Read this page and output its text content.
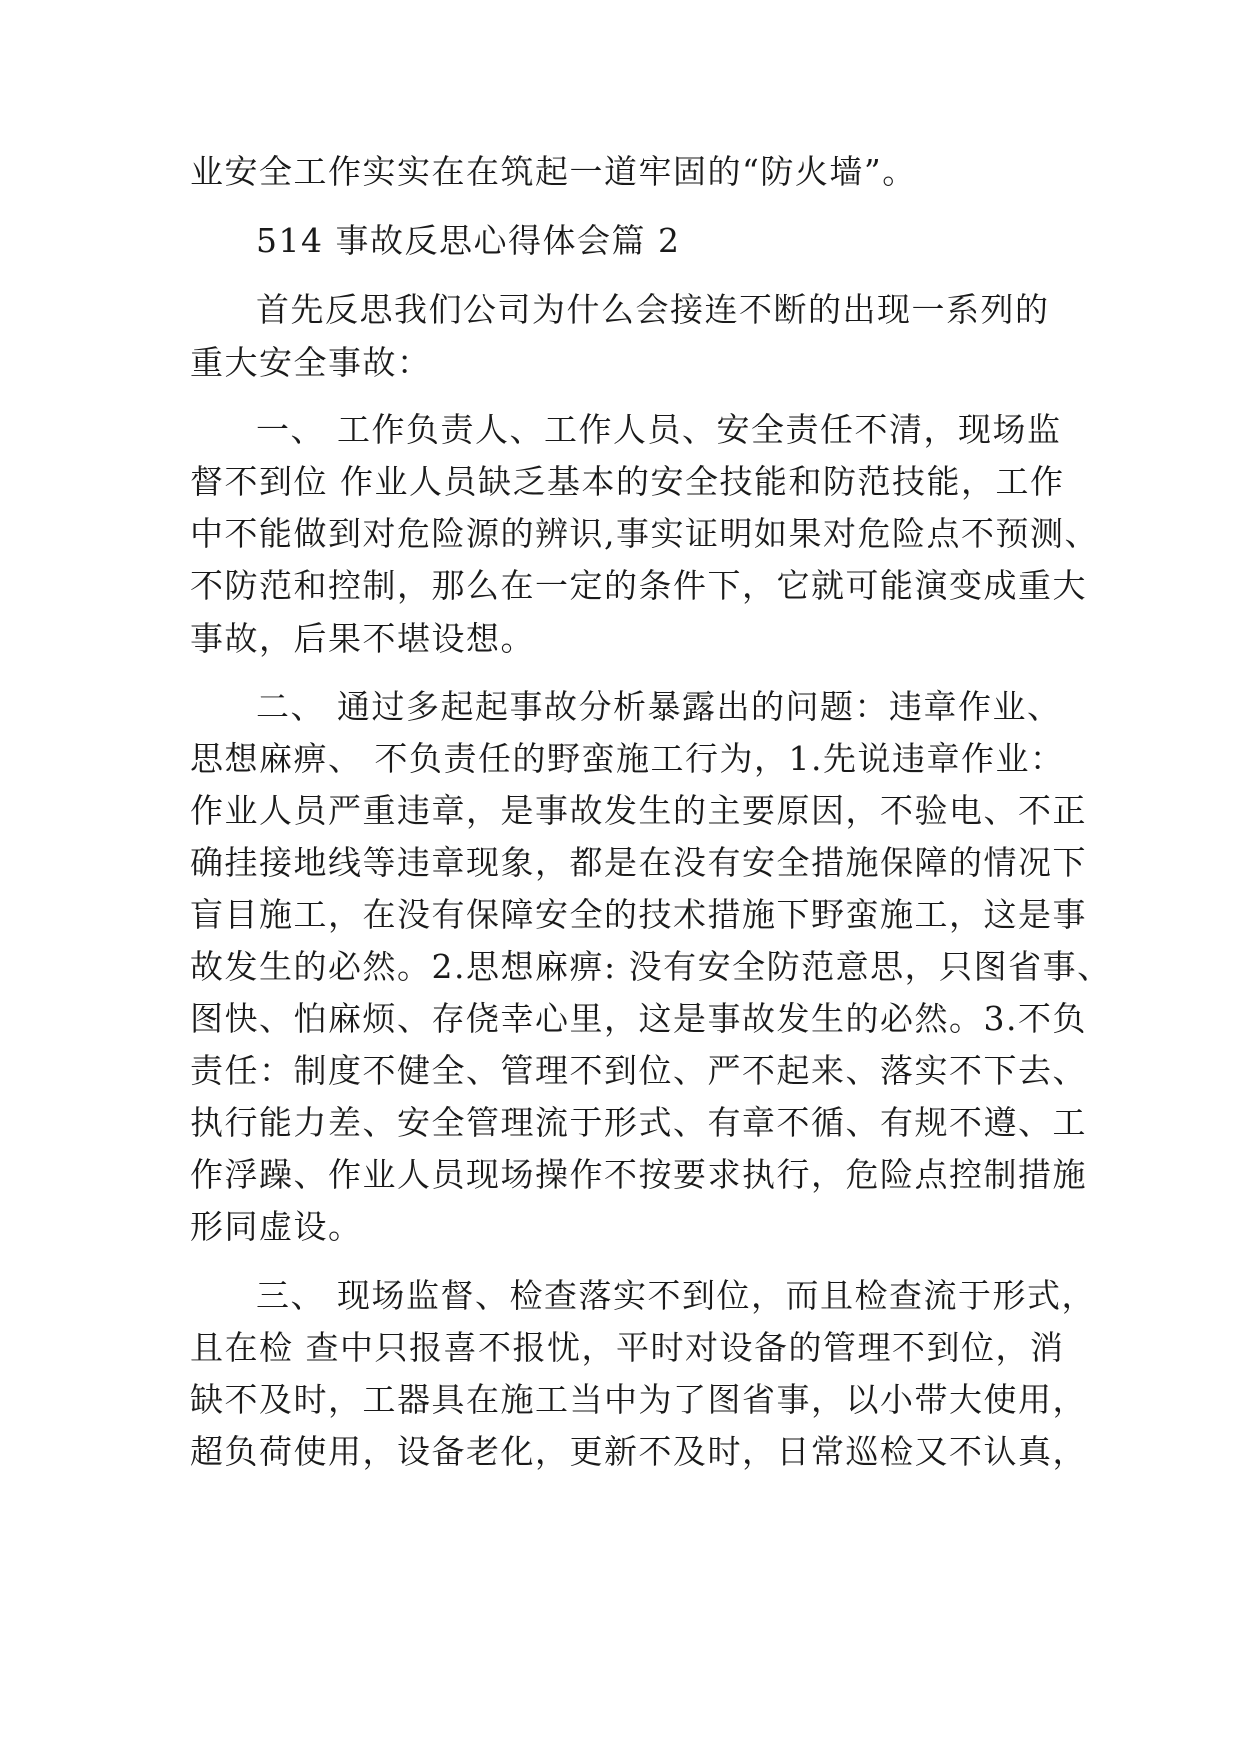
业安全工作实实在在筑起一道牢固的“防火墙”。
514 事故反思心得体会篇 2
首先反思我们公司为什么会接连不断的出现一系列的
重大安全事故：
一、 工作负责人、工作人员、安全责任不清，现场监
督不到位 作业人员缺乏基本的安全技能和防范技能，工作
中不能做到对危险源的辨识,事实证明如果对危险点不预测、
不防范和控制，那么在一定的条件下，它就可能演变成重大
事故，后果不堪设想。
二、 通过多起起事故分析暴露出的问题：违章作业、
思想麻痹、 不负责任的野蛮施工行为，1.先说违章作业：
作业人员严重违章，是事故发生的主要原因，不验电、不正
确挂接地线等违章现象，都是在没有安全措施保障的情况下
盲目施工，在没有保障安全的技术措施下野蛮施工，这是事
故发生的必然。2.思想麻痹: 没有安全防范意思，只图省事、
图快、怕麻烦、存侥幸心里，这是事故发生的必然。3.不负
责任：制度不健全、管理不到位、严不起来、落实不下去、
执行能力差、安全管理流于形式、有章不循、有规不遵、工
作浮躁、作业人员现场操作不按要求执行，危险点控制措施
形同虚设。
三、 现场监督、检查落实不到位，而且检查流于形式，
且在检 查中只报喜不报忧，平时对设备的管理不到位，消
缺不及时，工器具在施工当中为了图省事，以小带大使用，
超负荷使用，设备老化，更新不及时，日常巡检又不认真，
